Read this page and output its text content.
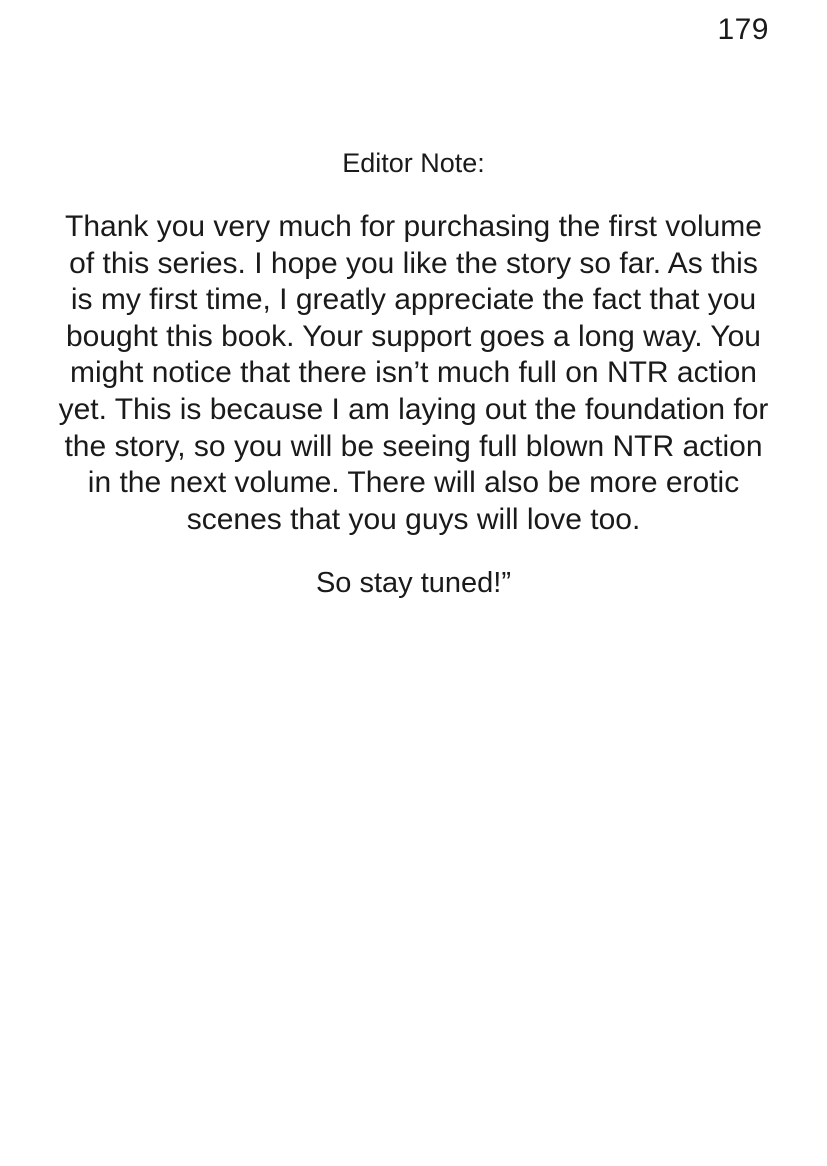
179

Editor Note:

Thank you very much for purchasing the first volume of this series. I hope you like the story so far. As this is my first time, I greatly appreciate the fact that you bought this book. Your support goes a long way. You might notice that there isn’t much full on NTR action yet. This is because I am laying out the foundation for the story, so you will be seeing full blown NTR action in the next volume. There will also be more erotic scenes that you guys will love too.

So stay tuned!”
